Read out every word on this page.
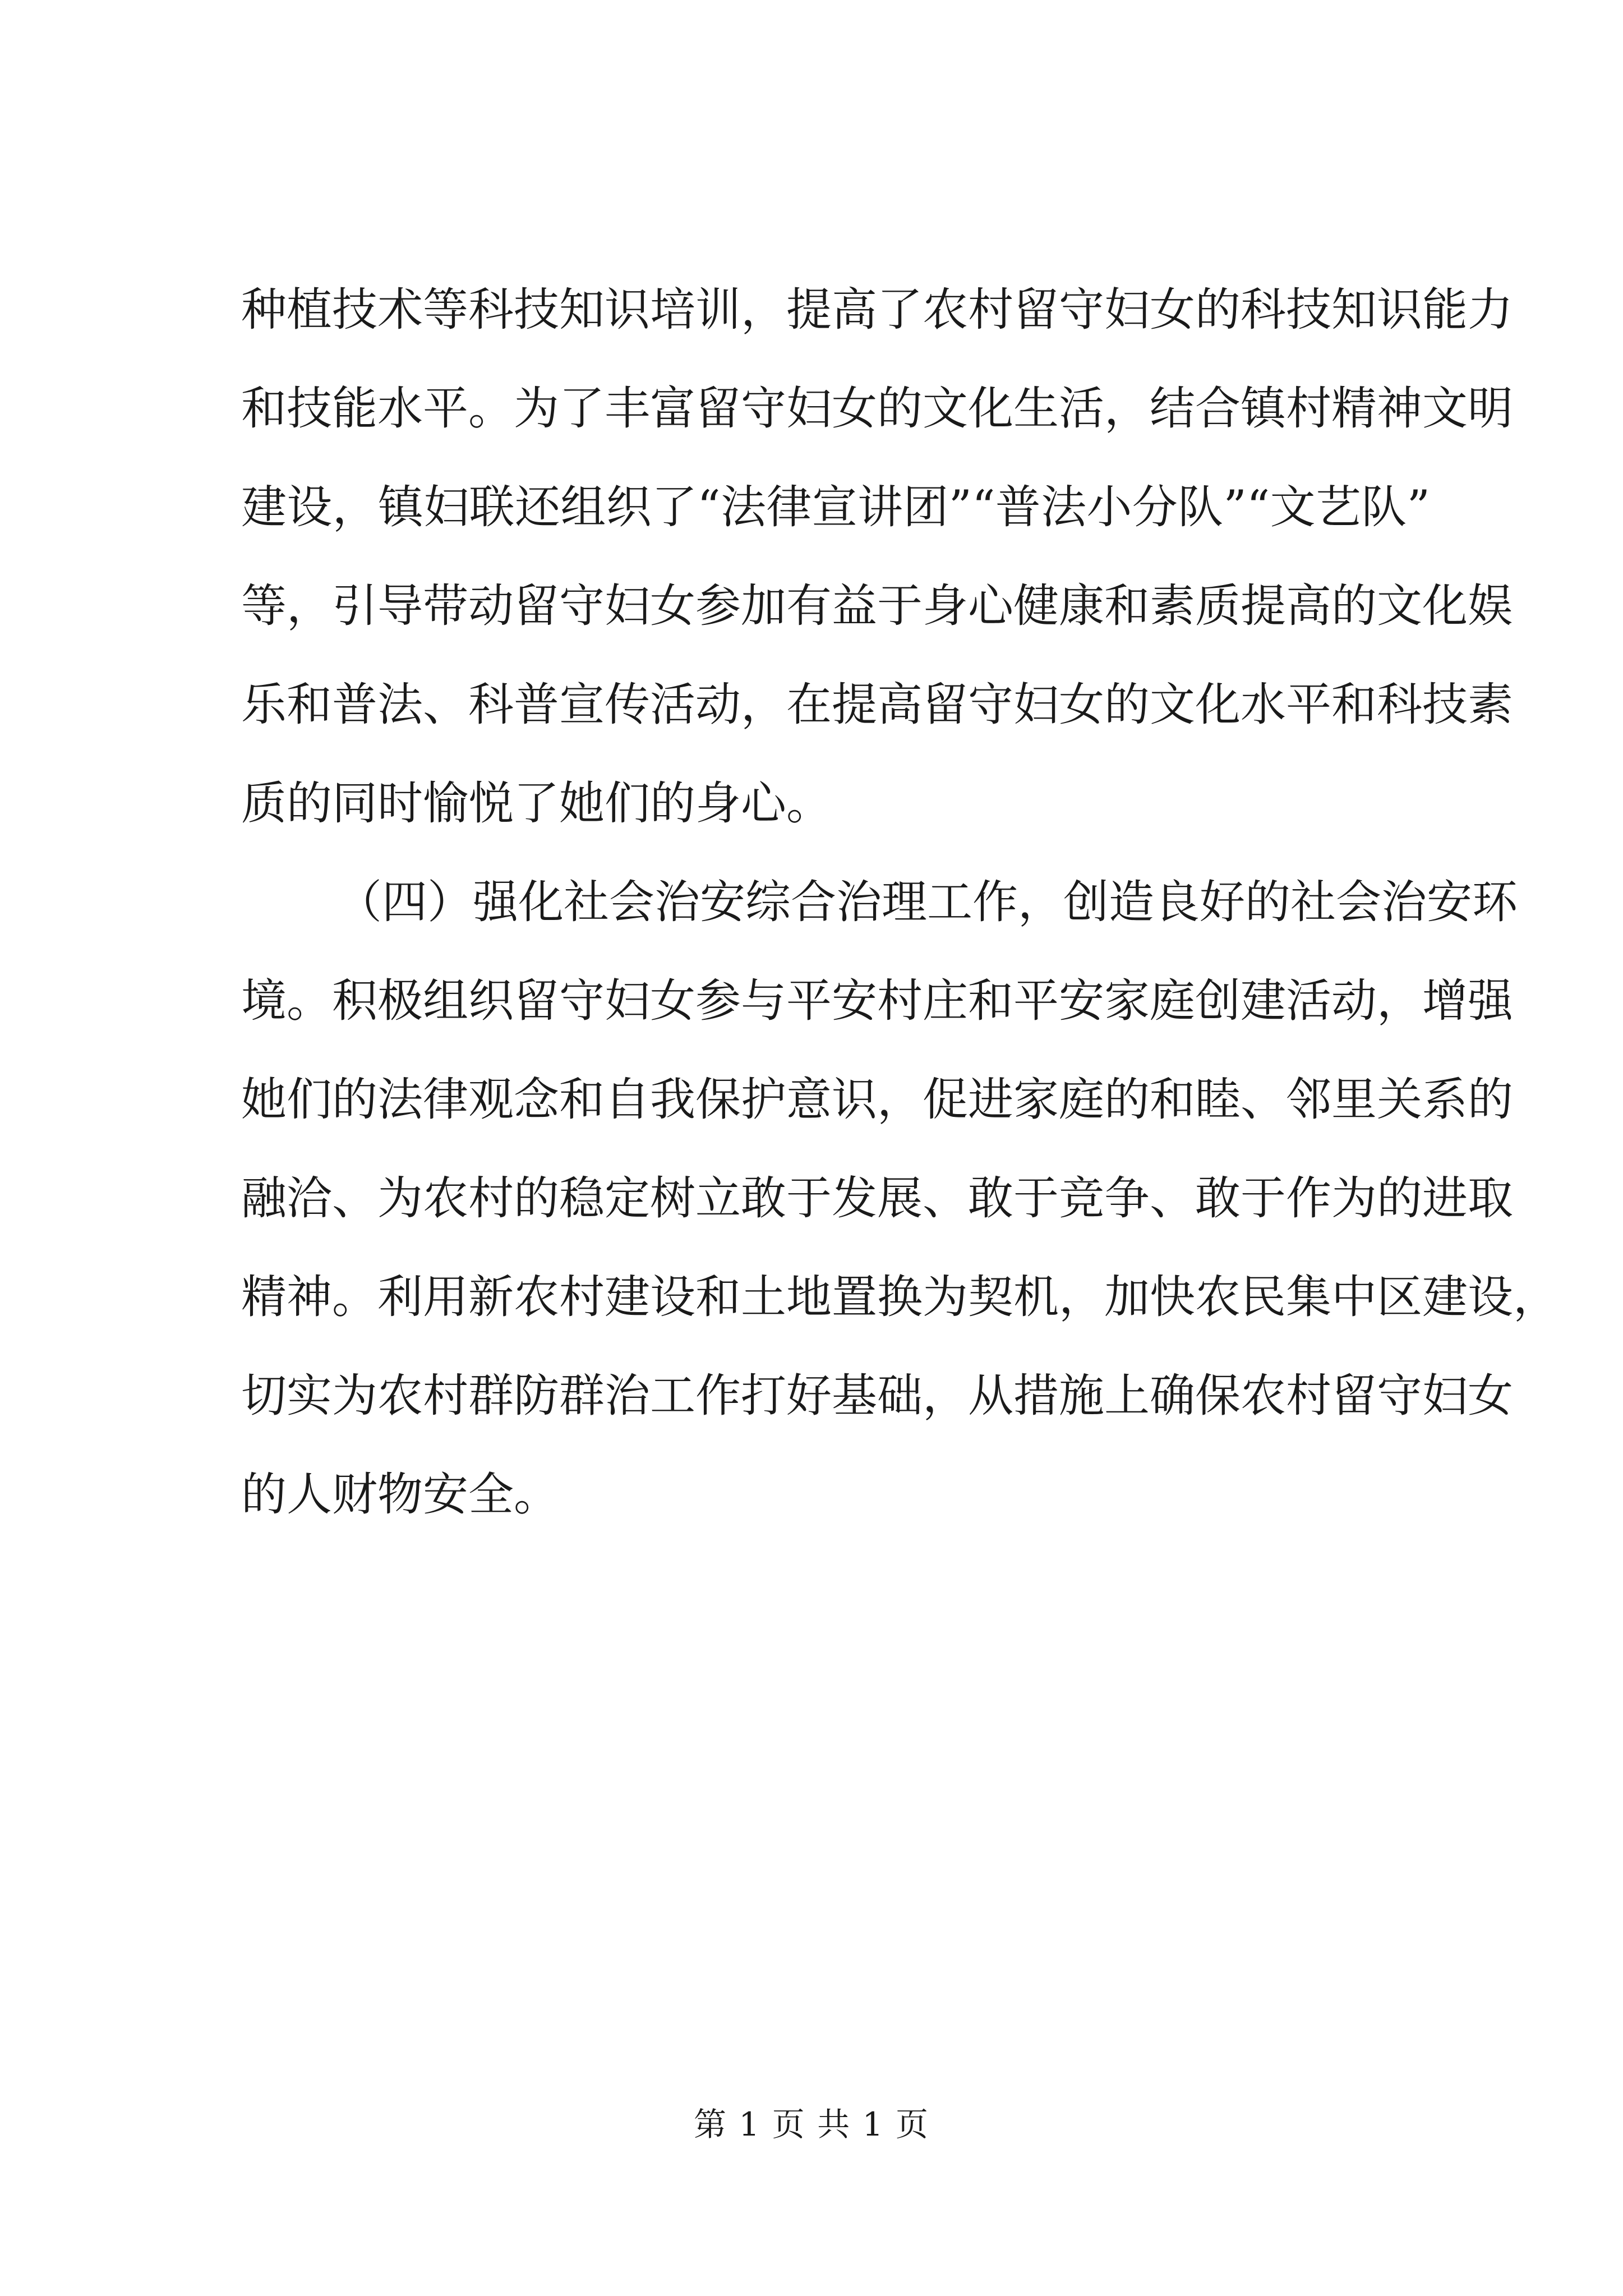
种植技术等科技知识培训，提高了农村留守妇女的科技知识能力
和技能水平。为了丰富留守妇女的文化生活，结合镇村精神文明
建设，镇妇联还组织了“法律宣讲团”“普法小分队”“文艺队”
等，引导带动留守妇女参加有益于身心健康和素质提高的文化娱
乐和普法、科普宣传活动，在提高留守妇女的文化水平和科技素
质的同时愉悦了她们的身心。
（四）强化社会治安综合治理工作，创造良好的社会治安环
境。积极组织留守妇女参与平安村庄和平安家庭创建活动，增强
她们的法律观念和自我保护意识，促进家庭的和睦、邻里关系的
融洽、为农村的稳定树立敢于发展、敢于竞争、敢于作为的进取
精神。利用新农村建设和土地置换为契机，加快农民集中区建设，
切实为农村群防群治工作打好基础，从措施上确保农村留守妇女
的人财物安全。
第 1 页 共 1 页
